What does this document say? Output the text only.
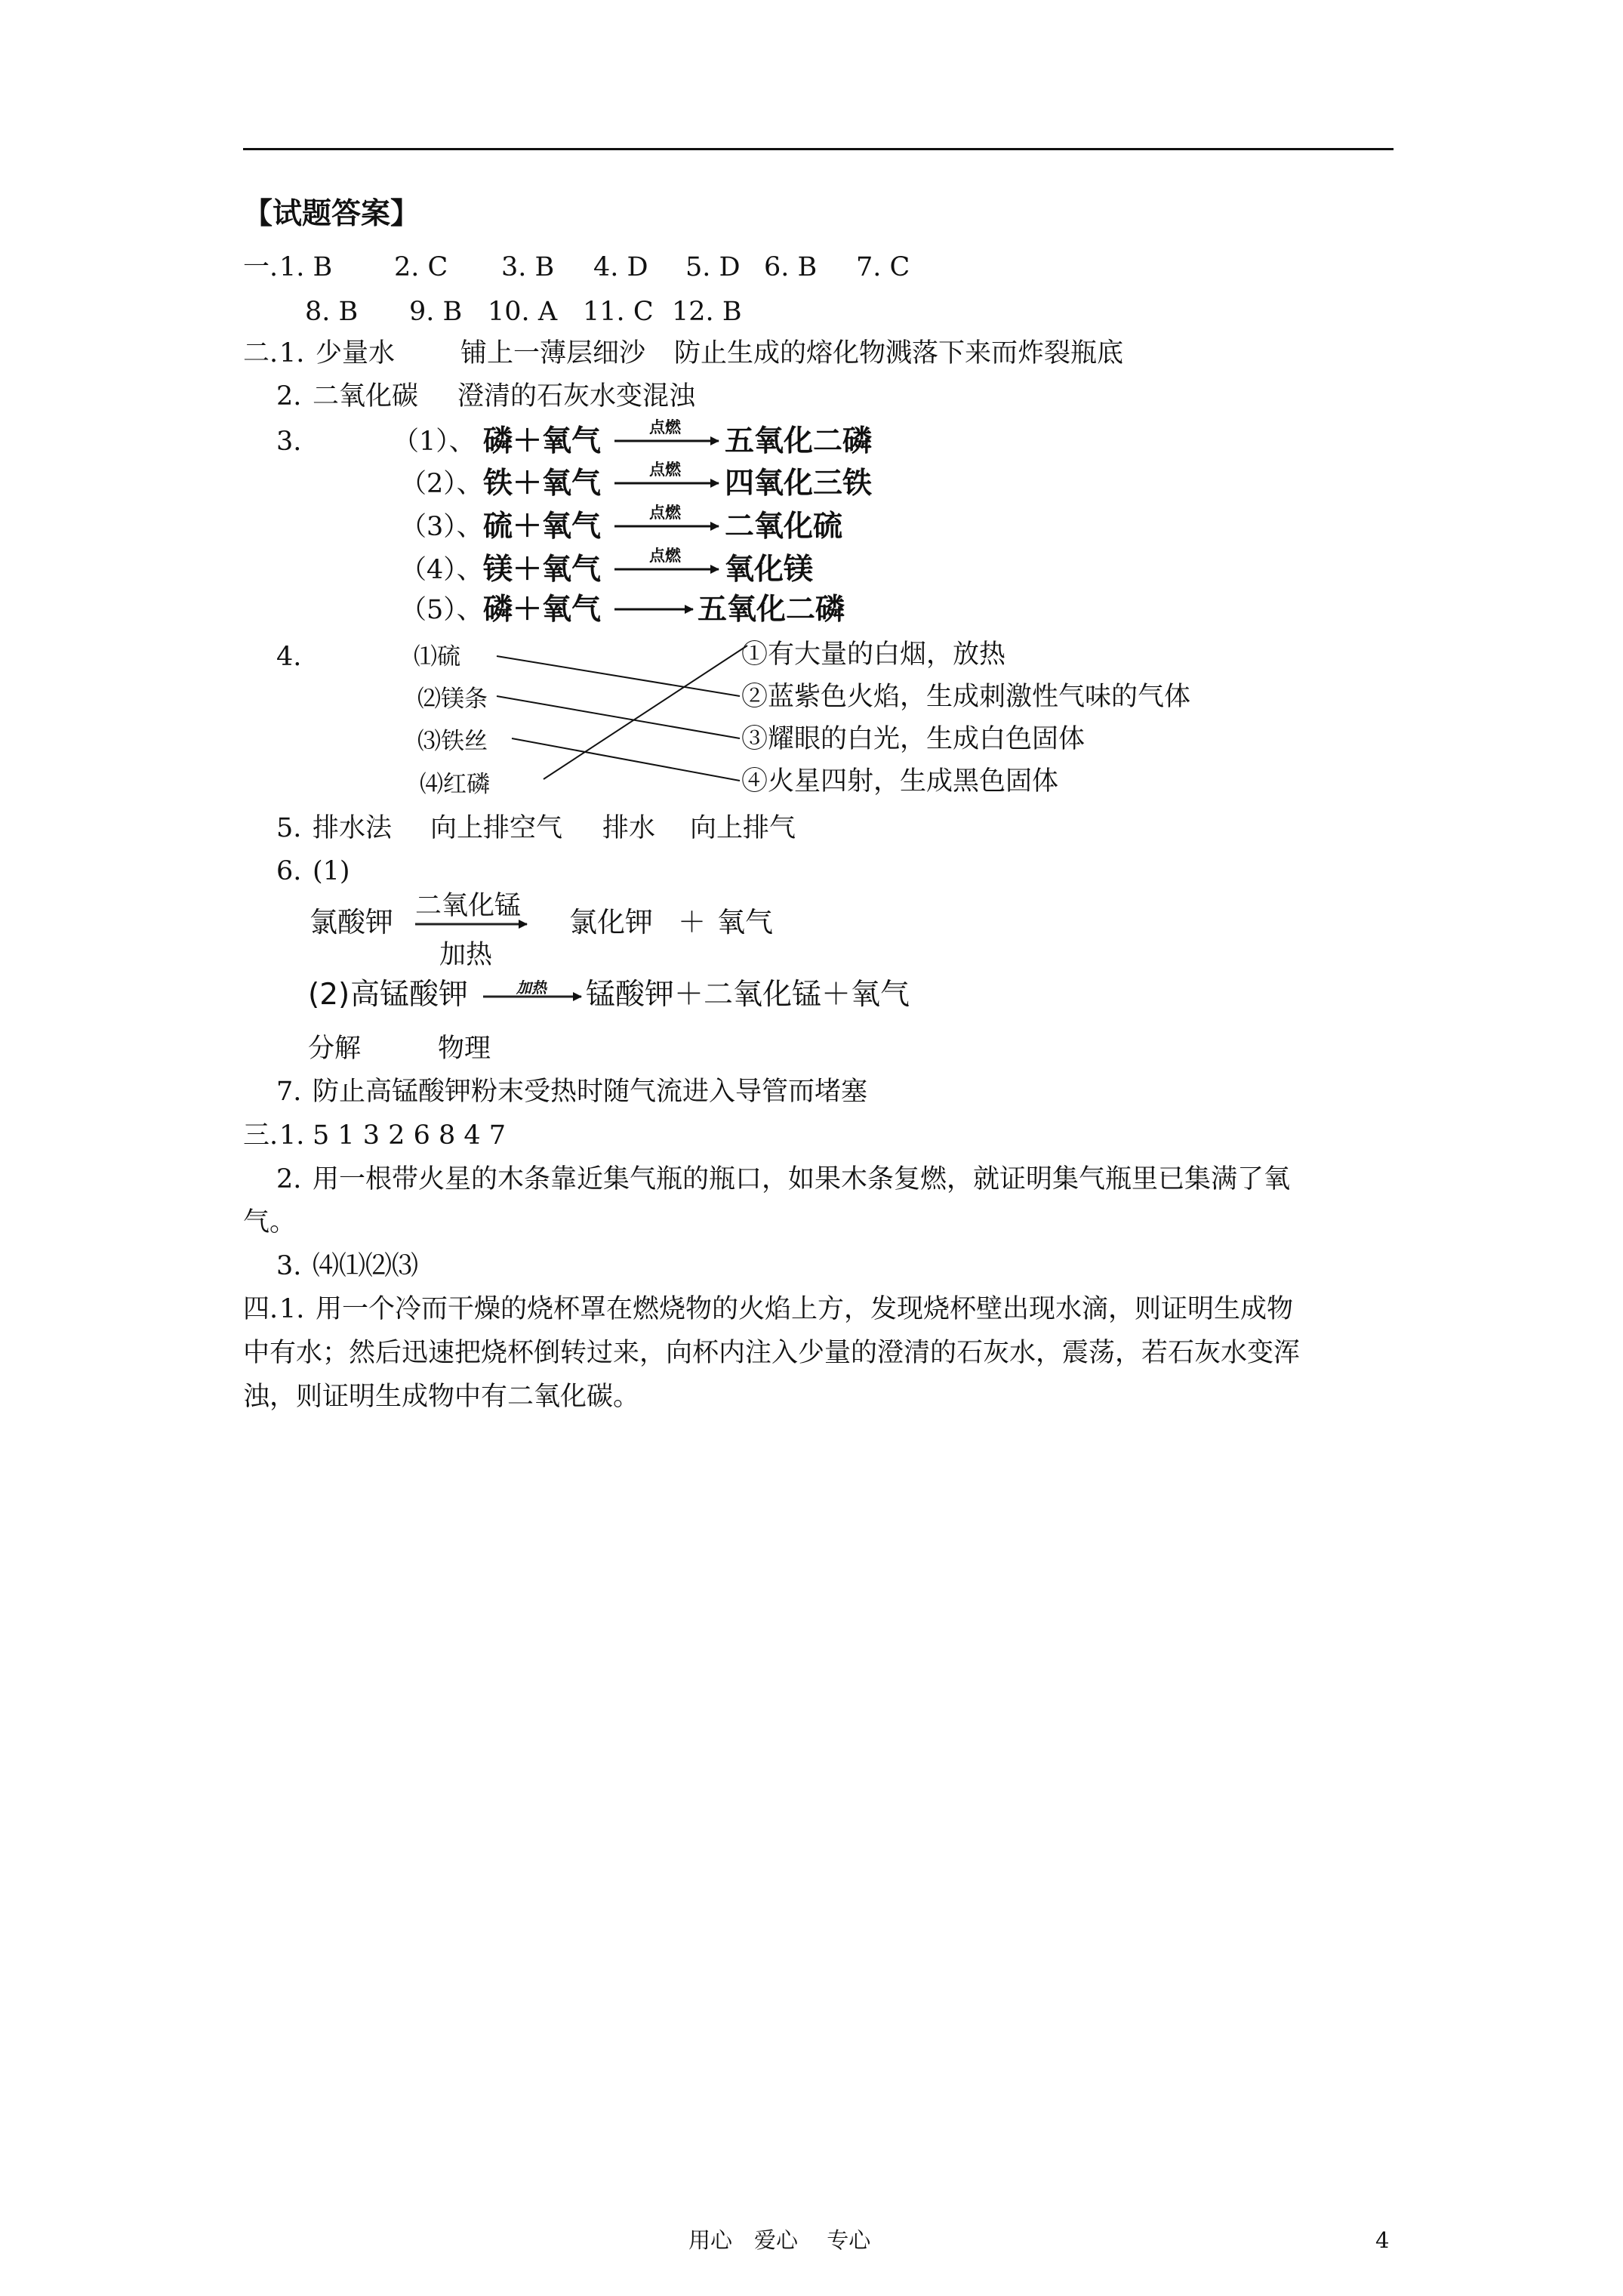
【试题答案】
一. 1. B 2. C 3. B 4. D 5. D 6. B 7. C
8. B 9. B 10. A 11. C 12. B
二. 1. 少量水 铺上一薄层细沙 防止生成的熔化物溅落下来而炸裂瓶底
2. 二氧化碳 澄清的石灰水变混浊
3.	（1）、 磷＋氧气	点燃	五氧化二磷
（2）、 铁＋氧气	点燃	四氧化三铁
（3）、 硫＋氧气	点燃	二氧化硫
（4）、 镁＋氧气	点燃	氧化镁
（5）、 磷＋氧气	五氧化二磷
4.	⑴硫
⑵镁条
⑶铁丝
⑷红磷
①有大量的白烟，放热
②蓝紫色火焰，生成刺激性气味的气体
③耀眼的白光，生成白色固体
④火星四射，生成黑色固体
5. 排水法 向上排空气 排水 向上排气
6. (1)
氯酸钾 二氧化锰
加热
氯化钾 ＋ 氧气
(2) 高锰酸钾	加热 锰酸钾＋二氧化锰＋氧气
分解	物理
7. 防止高锰酸钾粉末受热时随气流进入导管而堵塞
三. 1. 5 1 3 2 6 8 4 7
2. 用一根带火星的木条靠近集气瓶的瓶口，如果木条复燃，就证明集气瓶里已集满了氧
气。
3. ⑷⑴⑵⑶
四. 1. 用一个冷而干燥的烧杯罩在燃烧物的火焰上方，发现烧杯壁出现水滴，则证明生成物
中有水；然后迅速把烧杯倒转过来，向杯内注入少量的澄清的石灰水，震荡，若石灰水变浑
浊，则证明生成物中有二氧化碳。
用心　爱心　 专心	4
